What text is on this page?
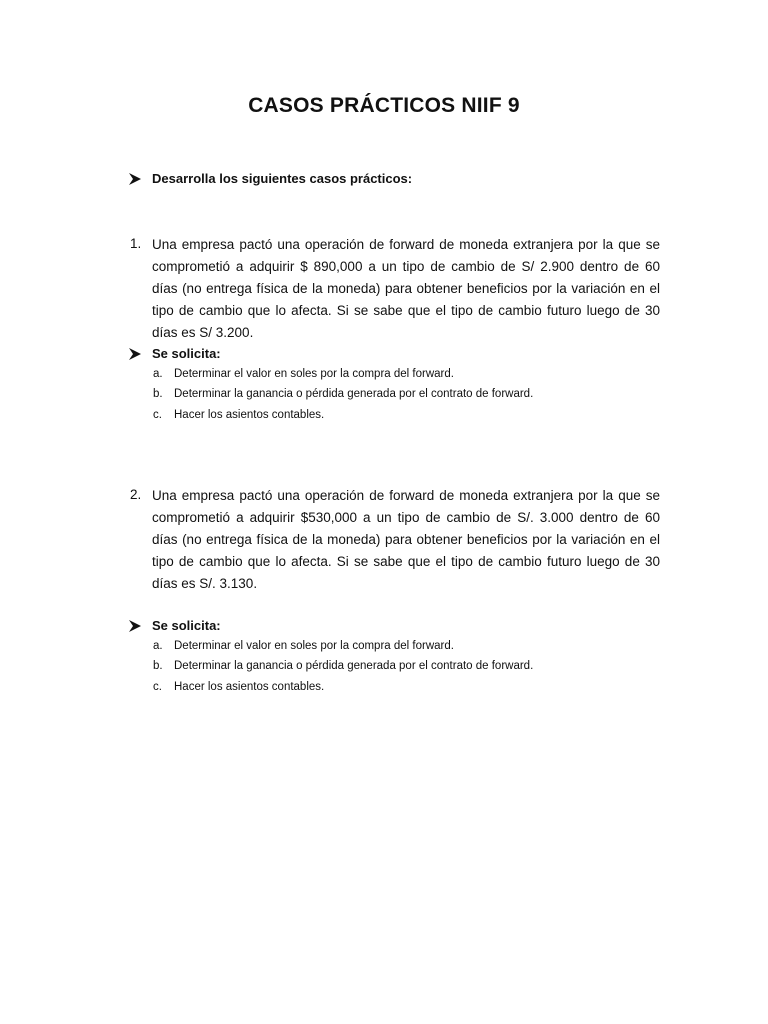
CASOS PRÁCTICOS NIIF 9
Desarrolla los siguientes casos prácticos:
1. Una empresa pactó una operación de forward de moneda extranjera por la que se
comprometió a adquirir $ 890,000 a un tipo de cambio de S/ 2.900 dentro de 60
días (no entrega física de la moneda) para obtener beneficios por la variación en el
tipo de cambio que lo afecta. Si se sabe que el tipo de cambio futuro luego de 30
días es S/ 3.200.
Se solicita:
a. Determinar el valor en soles por la compra del forward.
b. Determinar la ganancia o pérdida generada por el contrato de forward.
c. Hacer los asientos contables.
2. Una empresa pactó una operación de forward de moneda extranjera por la que se
comprometió a adquirir $530,000 a un tipo de cambio de S/. 3.000 dentro de 60
días (no entrega física de la moneda) para obtener beneficios por la variación en el
tipo de cambio que lo afecta. Si se sabe que el tipo de cambio futuro luego de 30
días es S/. 3.130.
Se solicita:
a. Determinar el valor en soles por la compra del forward.
b. Determinar la ganancia o pérdida generada por el contrato de forward.
c. Hacer los asientos contables.
